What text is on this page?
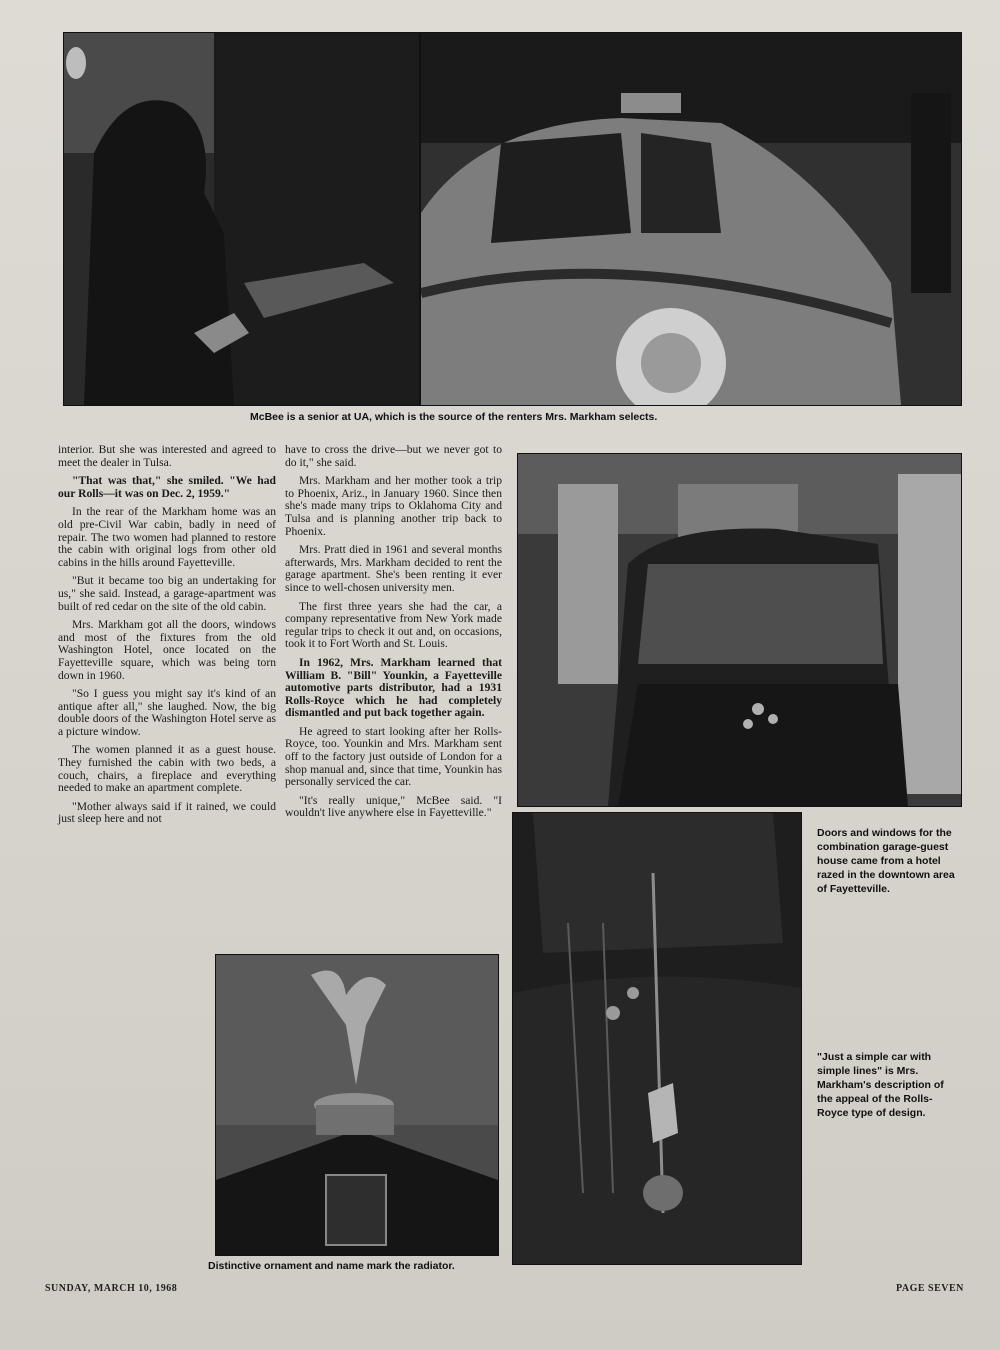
McBee is a senior at UA, which is the source of the renters Mrs. Markham selects.

interior. But she was interested and agreed to meet the dealer in Tulsa.

"That was that," she smiled. "We had our Rolls—it was on Dec. 2, 1959."

In the rear of the Markham home was an old pre-Civil War cabin, badly in need of repair. The two women had planned to restore the cabin with original logs from other old cabins in the hills around Fayetteville.

"But it became too big an undertaking for us," she said. Instead, a garage-apartment was built of red cedar on the site of the old cabin.

Mrs. Markham got all the doors, windows and most of the fixtures from the old Washington Hotel, once located on the Fayetteville square, which was being torn down in 1960.

"So I guess you might say it's kind of an antique after all," she laughed. Now, the big double doors of the Washington Hotel serve as a picture window.

The women planned it as a guest house. They furnished the cabin with two beds, a couch, chairs, a fireplace and everything needed to make an apartment complete.

"Mother always said if it rained, we could just sleep here and not

have to cross the drive—but we never got to do it," she said.

Mrs. Markham and her mother took a trip to Phoenix, Ariz., in January 1960. Since then she's made many trips to Oklahoma City and Tulsa and is planning another trip back to Phoenix.

Mrs. Pratt died in 1961 and several months afterwards, Mrs. Markham decided to rent the garage apartment. She's been renting it ever since to well-chosen university men.

The first three years she had the car, a company representative from New York made regular trips to check it out and, on occasions, took it to Fort Worth and St. Louis.

In 1962, Mrs. Markham learned that William B. "Bill" Younkin, a Fayetteville automotive parts distributor, had a 1931 Rolls-Royce which he had completely dismantled and put back together again.

He agreed to start looking after her Rolls-Royce, too. Younkin and Mrs. Markham sent off to the factory just outside of London for a shop manual and, since that time, Younkin has personally serviced the car.

"It's really unique," McBee said. "I wouldn't live anywhere else in Fayetteville."

Doors and windows for the combination garage-guest house came from a hotel razed in the downtown area of Fayetteville.
"Just a simple car with simple lines" is Mrs. Markham's description of the appeal of the Rolls-Royce type of design.
Distinctive ornament and name mark the radiator.
SUNDAY, MARCH 10, 1968	PAGE SEVEN
